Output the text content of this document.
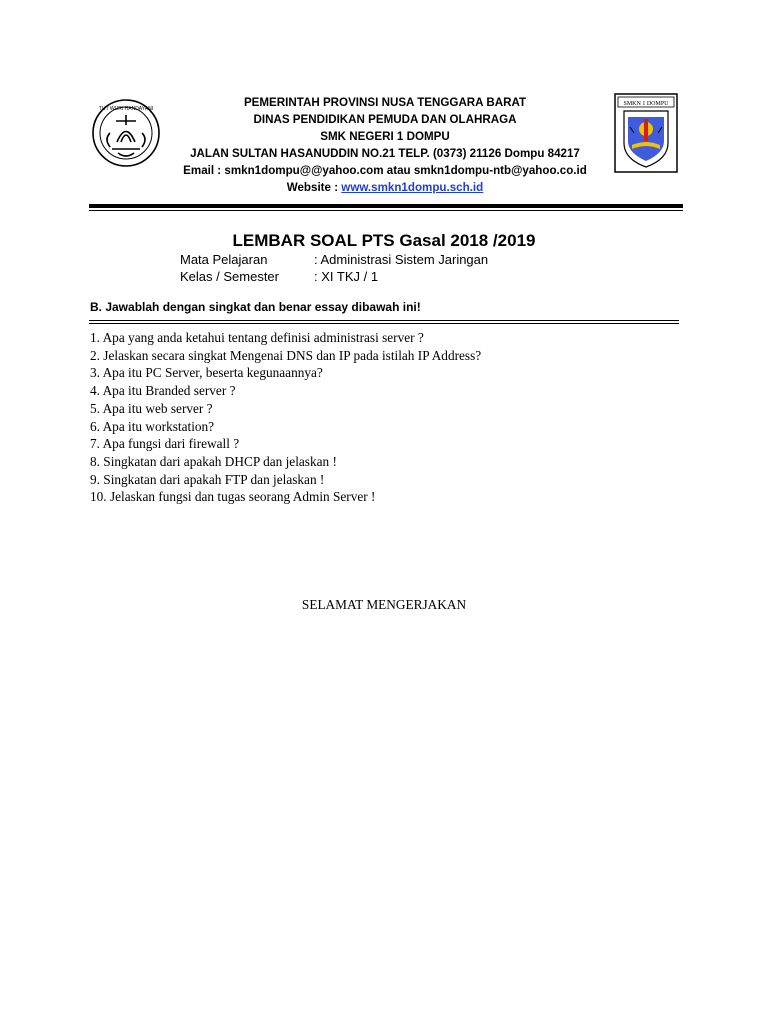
TUT WURI HANDAYANI	PEMERINTAH PROVINSI NUSA TENGGARA BARAT
DINAS PENDIDIKAN PEMUDA DAN OLAHRAGA
SMK NEGERI 1 DOMPU
JALAN SULTAN HASANUDDIN NO.21 TELP. (0373) 21126 Dompu 84217
Email : smkn1dompu@@yahoo.com atau smkn1dompu-ntb@yahoo.co.id
Website : www.smkn1dompu.sch.id
SMKN 1 DOMPU
LEMBAR SOAL PTS Gasal 2018 /2019
Mata Pelajaran	: Administrasi Sistem Jaringan
Kelas / Semester	: XI TKJ / 1
B. Jawablah dengan singkat dan benar essay dibawah ini!
1. Apa yang anda ketahui tentang definisi administrasi server ?
2. Jelaskan secara singkat Mengenai DNS dan IP pada istilah IP Address?
3. Apa itu PC Server, beserta kegunaannya?
4. Apa itu Branded server ?
5. Apa itu web server ?
6. Apa itu workstation?
7. Apa fungsi dari firewall ?
8. Singkatan dari apakah DHCP dan jelaskan !
9. Singkatan dari apakah FTP dan jelaskan !
10. Jelaskan fungsi dan tugas seorang Admin Server !
SELAMAT MENGERJAKAN
